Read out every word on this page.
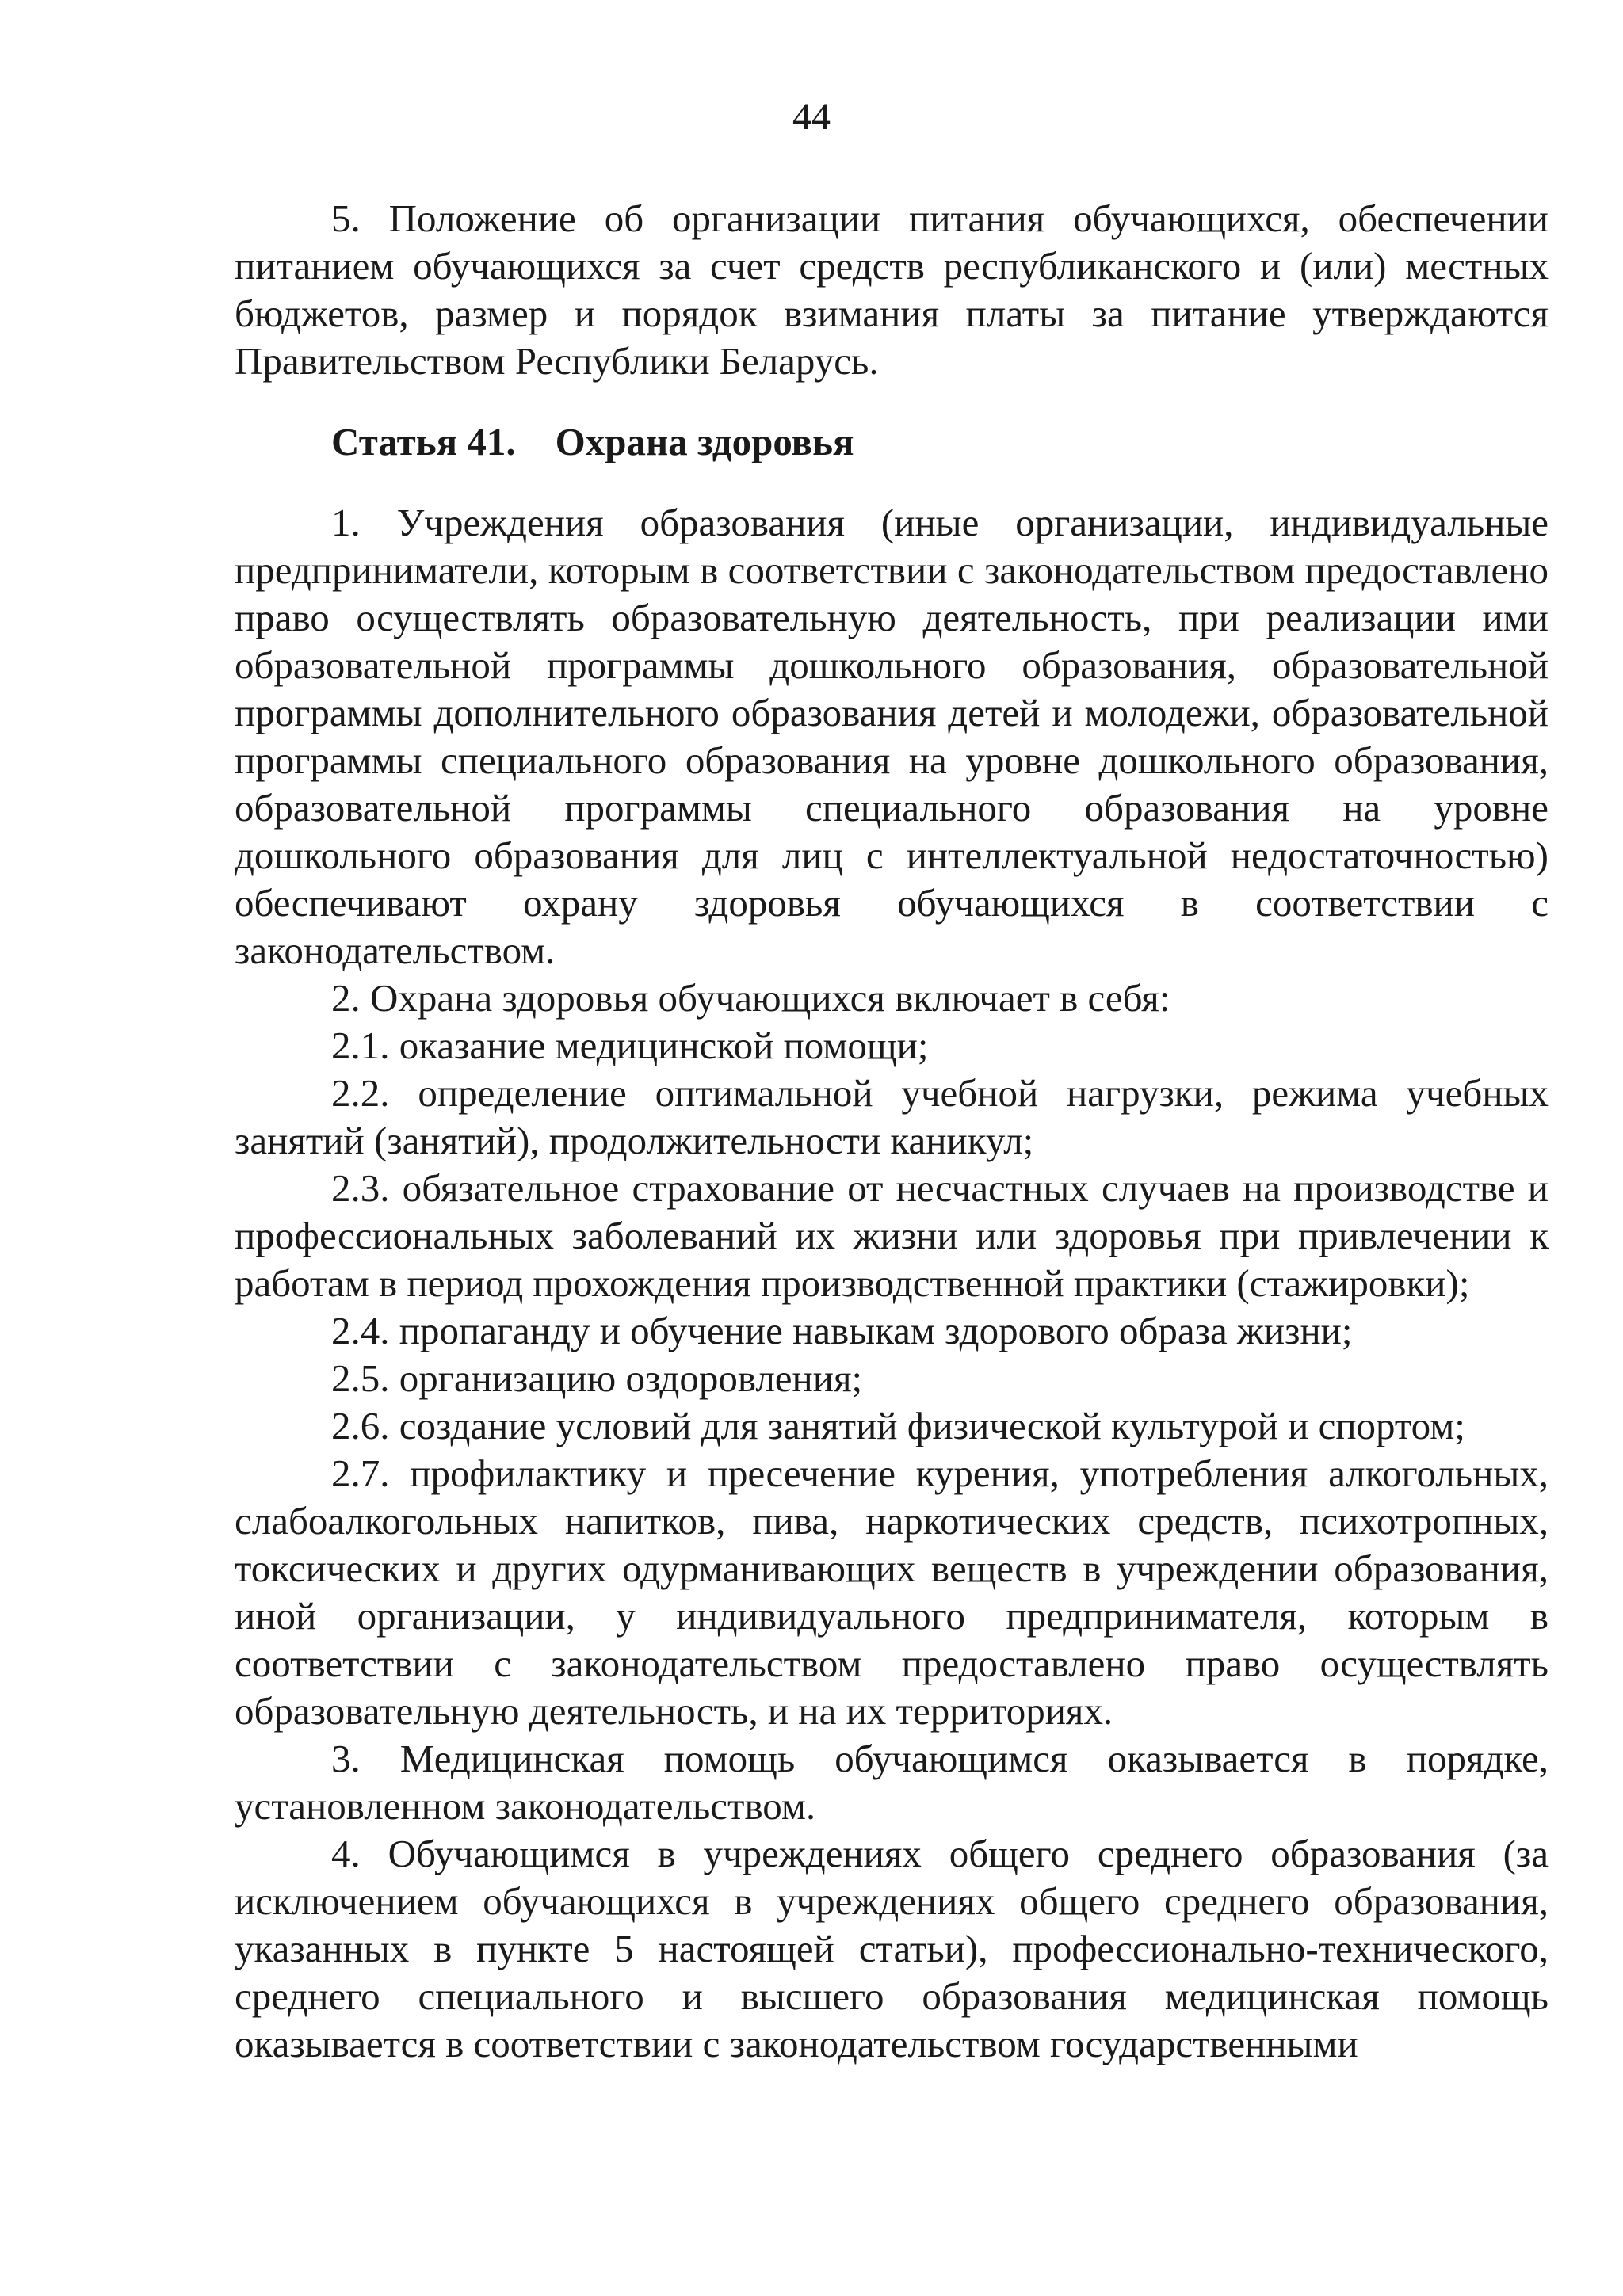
44

5. Положение об организации питания обучающихся, обеспечении питанием обучающихся за счет средств республиканского и (или) местных бюджетов, размер и порядок взимания платы за питание утверждаются Правительством Республики Беларусь.

Статья 41. Охрана здоровья

1. Учреждения образования (иные организации, индивидуальные предприниматели, которым в соответствии с законодательством предоставлено право осуществлять образовательную деятельность, при реализации ими образовательной программы дошкольного образования, образовательной программы дополнительного образования детей и молодежи, образовательной программы специального образования на уровне дошкольного образования, образовательной программы специального образования на уровне дошкольного образования для лиц с интеллектуальной недостаточностью) обеспечивают охрану здоровья обучающихся в соответствии с законодательством.

2. Охрана здоровья обучающихся включает в себя:

2.1. оказание медицинской помощи;

2.2. определение оптимальной учебной нагрузки, режима учебных занятий (занятий), продолжительности каникул;

2.3. обязательное страхование от несчастных случаев на производстве и профессиональных заболеваний их жизни или здоровья при привлечении к работам в период прохождения производственной практики (стажировки);

2.4. пропаганду и обучение навыкам здорового образа жизни;

2.5. организацию оздоровления;

2.6. создание условий для занятий физической культурой и спортом;

2.7. профилактику и пресечение курения, употребления алкогольных, слабоалкогольных напитков, пива, наркотических средств, психотропных, токсических и других одурманивающих веществ в учреждении образования, иной организации, у индивидуального предпринимателя, которым в соответствии с законодательством предоставлено право осуществлять образовательную деятельность, и на их территориях.

3. Медицинская помощь обучающимся оказывается в порядке, установленном законодательством.

4. Обучающимся в учреждениях общего среднего образования (за исключением обучающихся в учреждениях общего среднего образования, указанных в пункте 5 настоящей статьи), профессионально-технического, среднего специального и высшего образования медицинская помощь оказывается в соответствии с законодательством государственными
